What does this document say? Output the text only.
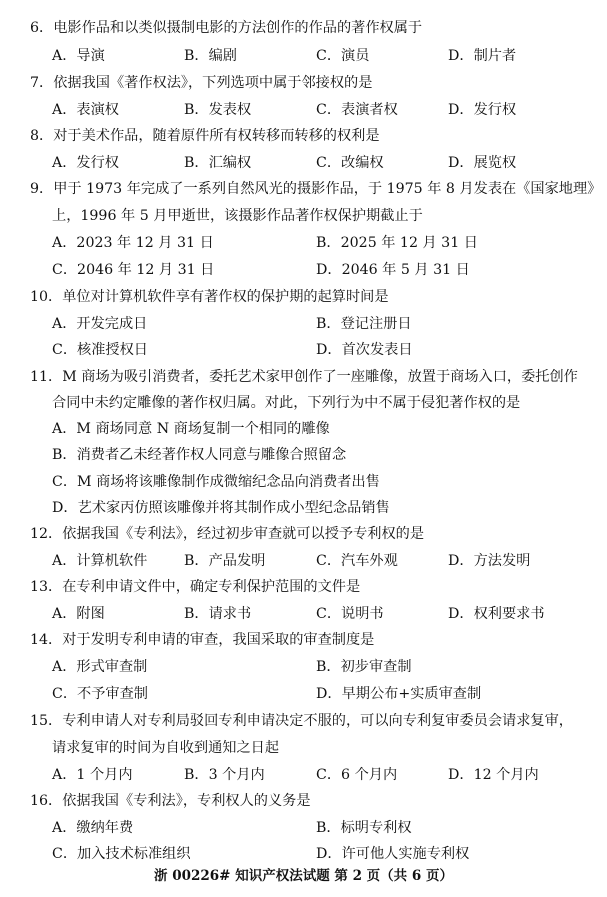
6．电影作品和以类似摄制电影的方法创作的作品的著作权属于
A．导演	B．编剧	C．演员	D．制片者
7．依据我国《著作权法》，下列选项中属于邻接权的是
A．表演权	B．发表权	C．表演者权	D．发行权
8．对于美术作品，随着原件所有权转移而转移的权利是
A．发行权	B．汇编权	C．改编权	D．展览权
9．甲于 1973 年完成了一系列自然风光的摄影作品，于 1975 年 8 月发表在《国家地理》
上，1996 年 5 月甲逝世，该摄影作品著作权保护期截止于
A．2023 年 12 月 31 日	B．2025 年 12 月 31 日
C．2046 年 12 月 31 日	D．2046 年 5 月 31 日
10．单位对计算机软件享有著作权的保护期的起算时间是
A．开发完成日	B．登记注册日
C．核准授权日	D．首次发表日
11．M 商场为吸引消费者，委托艺术家甲创作了一座雕像，放置于商场入口，委托创作
合同中未约定雕像的著作权归属。对此，下列行为中不属于侵犯著作权的是
A．M 商场同意 N 商场复制一个相同的雕像
B．消费者乙未经著作权人同意与雕像合照留念
C．M 商场将该雕像制作成微缩纪念品向消费者出售
D．艺术家丙仿照该雕像并将其制作成小型纪念品销售
12．依据我国《专利法》，经过初步审查就可以授予专利权的是
A．计算机软件	B．产品发明	C．汽车外观	D．方法发明
13．在专利申请文件中，确定专利保护范围的文件是
A．附图	B．请求书	C．说明书	D．权利要求书
14．对于发明专利申请的审查，我国采取的审查制度是
A．形式审查制	B．初步审查制
C．不予审查制	D．早期公布+实质审查制
15．专利申请人对专利局驳回专利申请决定不服的，可以向专利复审委员会请求复审，
请求复审的时间为自收到通知之日起
A．1 个月内	B．3 个月内	C．6 个月内	D．12 个月内
16．依据我国《专利法》，专利权人的义务是
A．缴纳年费	B．标明专利权
C．加入技术标准组织	D．许可他人实施专利权
浙 00226# 知识产权法试题 第 2 页（共 6 页）
